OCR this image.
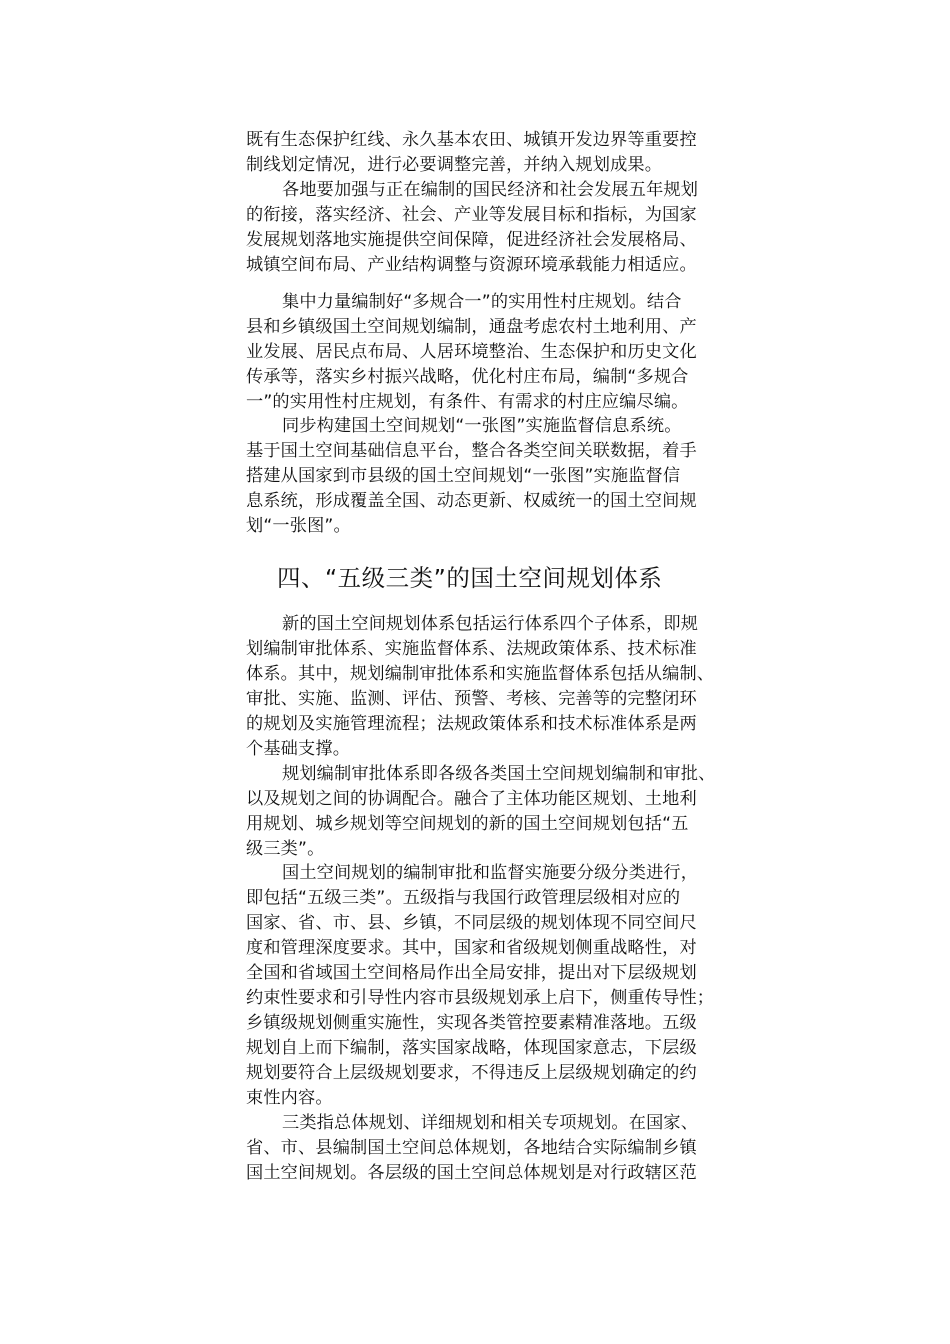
既有生态保护红线、永久基本农田、城镇开发边界等重要控
制线划定情况，进行必要调整完善，并纳入规划成果。
各地要加强与正在编制的国民经济和社会发展五年规划
的衔接，落实经济、社会、产业等发展目标和指标，为国家
发展规划落地实施提供空间保障，促进经济社会发展格局、
城镇空间布局、产业结构调整与资源环境承载能力相适应。
集中力量编制好“多规合一”的实用性村庄规划。结合
县和乡镇级国土空间规划编制，通盘考虑农村土地利用、产
业发展、居民点布局、人居环境整治、生态保护和历史文化
传承等，落实乡村振兴战略，优化村庄布局，编制“多规合
一”的实用性村庄规划，有条件、有需求的村庄应编尽编。
同步构建国土空间规划“一张图”实施监督信息系统。
基于国土空间基础信息平台，整合各类空间关联数据，着手
搭建从国家到市县级的国土空间规划“一张图”实施监督信
息系统，形成覆盖全国、动态更新、权威统一的国土空间规
划“一张图”。
四、“五级三类”的国土空间规划体系
新的国土空间规划体系包括运行体系四个子体系，即规
划编制审批体系、实施监督体系、法规政策体系、技术标准
体系。其中，规划编制审批体系和实施监督体系包括从编制、
审批、实施、监测、评估、预警、考核、完善等的完整闭环
的规划及实施管理流程；法规政策体系和技术标准体系是两
个基础支撑。
规划编制审批体系即各级各类国土空间规划编制和审批、
以及规划之间的协调配合。融合了主体功能区规划、土地利
用规划、城乡规划等空间规划的新的国土空间规划包括“五
级三类”。
国土空间规划的编制审批和监督实施要分级分类进行，
即包括“五级三类”。五级指与我国行政管理层级相对应的
国家、省、市、县、乡镇，不同层级的规划体现不同空间尺
度和管理深度要求。其中，国家和省级规划侧重战略性，对
全国和省域国土空间格局作出全局安排，提出对下层级规划
约束性要求和引导性内容市县级规划承上启下，侧重传导性；
乡镇级规划侧重实施性，实现各类管控要素精准落地。五级
规划自上而下编制，落实国家战略，体现国家意志，下层级
规划要符合上层级规划要求，不得违反上层级规划确定的约
束性内容。
三类指总体规划、详细规划和相关专项规划。在国家、
省、市、县编制国土空间总体规划，各地结合实际编制乡镇
国土空间规划。各层级的国土空间总体规划是对行政辖区范
